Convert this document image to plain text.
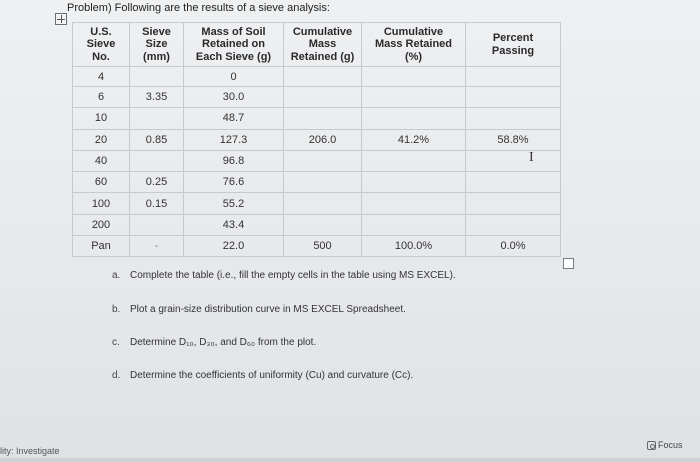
Problem) Following are the results of a sieve analysis:
U.S.
Sieve
No.	Sieve
Size
(mm)	Mass of Soil
Retained on
Each Sieve (g)	Cumulative
Mass
Retained (g)	Cumulative
Mass Retained
(%)	Percent
Passing

4		0			
6	3.35	30.0			
10		48.7			
20	0.85	127.3	206.0	41.2%	58.8%
40		96.8			
60	0.25	76.6			
100	0.15	55.2			
200		43.4			
Pan	-	22.0	500	100.0%	0.0%
I
a. Complete the table (i.e., fill the empty cells in the table using MS EXCEL).
b. Plot a grain-size distribution curve in MS EXCEL Spreadsheet.
c. Determine D₁₀, D₃₀, and D₆₀ from the plot.
d. Determine the coefficients of uniformity (Cu) and curvature (Cc).
lity: Investigate
Focus
